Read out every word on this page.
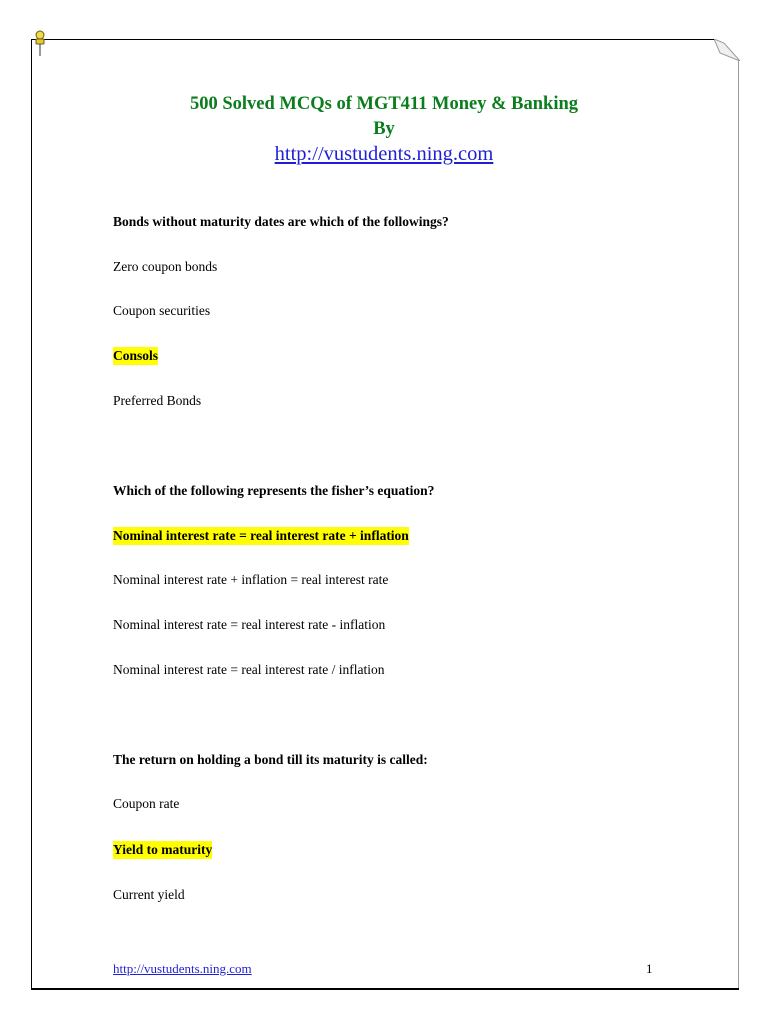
500 Solved MCQs of MGT411 Money & Banking
By
http://vustudents.ning.com
Bonds without maturity dates are which of the followings?
Zero coupon bonds
Coupon securities
Consols
Preferred Bonds
Which of the following represents the fisher’s equation?
Nominal interest rate = real interest rate + inflation
Nominal interest rate + inflation = real interest rate
Nominal interest rate = real interest rate - inflation
Nominal interest rate = real interest rate / inflation
The return on holding a bond till its maturity is called:
Coupon rate
Yield to maturity
Current yield
http://vustudents.ning.com	1
